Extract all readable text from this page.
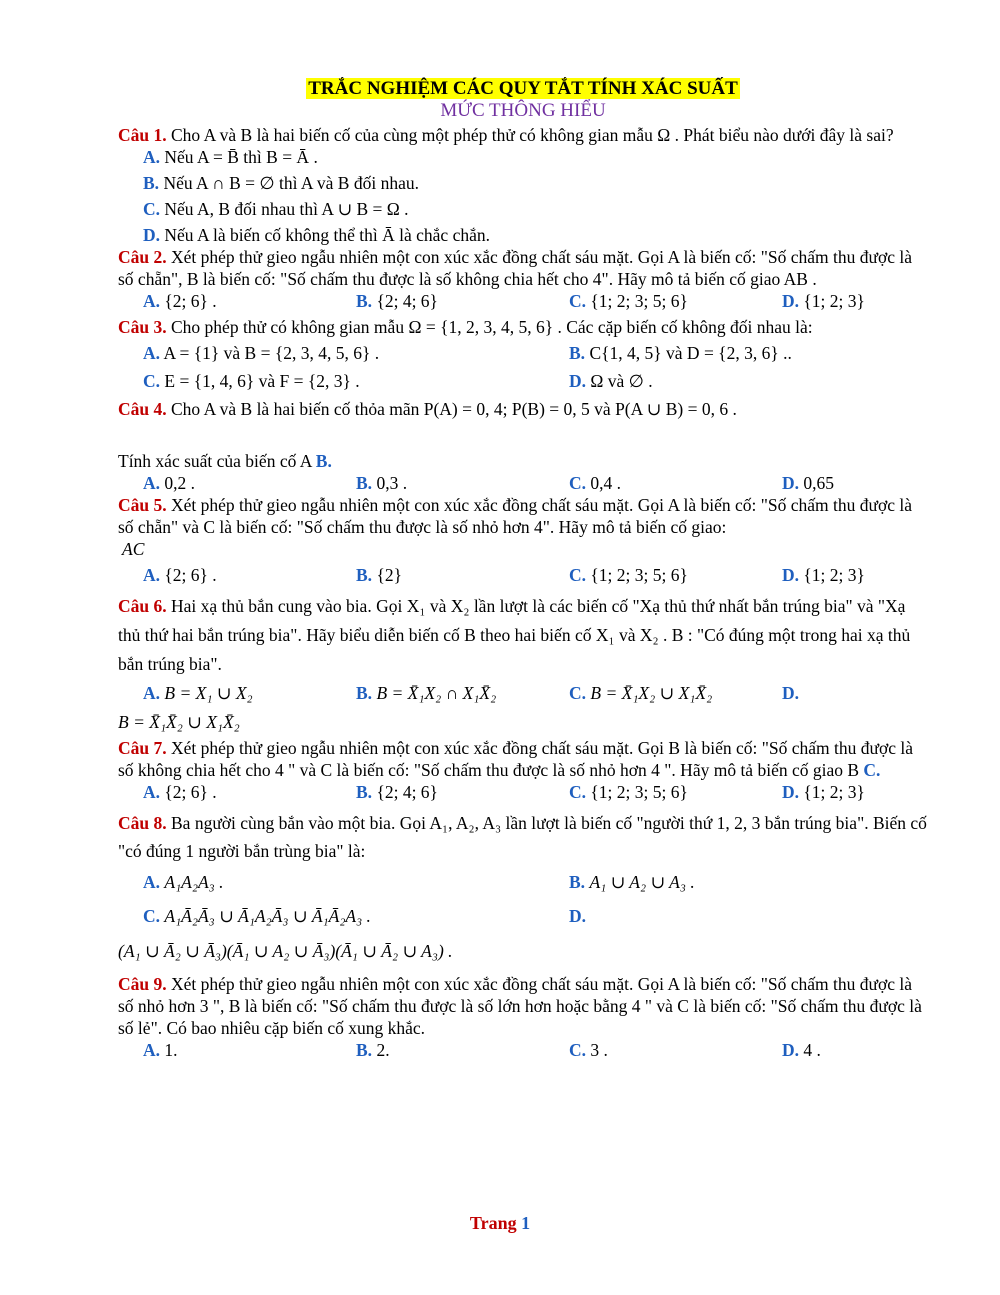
TRẮC NGHIỆM CÁC QUY TẮT TÍNH XÁC SUẤT

MỨC THÔNG HIỂU

Câu 1. Cho A và B là hai biến cố của cùng một phép thử có không gian mẫu Ω . Phát biểu nào dưới đây là sai?

A. Nếu A = B̄ thì B = Ā .

B. Nếu A ∩ B = ∅ thì A và B đối nhau.

C. Nếu A, B đối nhau thì A ∪ B = Ω .

D. Nếu A là biến cố không thể thì Ā là chắc chắn.

Câu 2. Xét phép thử gieo ngẫu nhiên một con xúc xắc đồng chất sáu mặt. Gọi A là biến cố: "Số chấm thu được là số chẵn", B là biến cố: "Số chấm thu được là số không chia hết cho 4". Hãy mô tả biến cố giao AB .

A. {2; 6} .	B. {2; 4; 6}	C. {1; 2; 3; 5; 6}	D. {1; 2; 3}

Câu 3. Cho phép thử có không gian mẫu Ω = {1, 2, 3, 4, 5, 6} . Các cặp biến cố không đối nhau là:

A. A = {1} và B = {2, 3, 4, 5, 6} .	B. C{1, 4, 5} và D = {2, 3, 6} ..
C. E = {1, 4, 6} và F = {2, 3} .	D. Ω và ∅ .

Câu 4. Cho A và B là hai biến cố thỏa mãn P(A) = 0, 4; P(B) = 0, 5 và P(A ∪ B) = 0, 6 .

Tính xác suất của biến cố A B.

A. 0,2 .	B. 0,3 .	C. 0,4 .	D. 0,65

Câu 5. Xét phép thử gieo ngẫu nhiên một con xúc xắc đồng chất sáu mặt. Gọi A là biến cố: "Số chấm thu được là số chẵn" và C là biến cố: "Số chấm thu được là số nhỏ hơn 4". Hãy mô tả biến cố giao:

AC

A. {2; 6} .	B. {2}	C. {1; 2; 3; 5; 6}	D. {1; 2; 3}

Câu 6. Hai xạ thủ bắn cung vào bia. Gọi X₁ và X₂ lần lượt là các biến cố "Xạ thủ thứ nhất bắn trúng bia" và "Xạ thủ thứ hai bắn trúng bia". Hãy biểu diễn biến cố B theo hai biến cố X₁ và X₂ . B : "Có đúng một trong hai xạ thủ bắn trúng bia".

A. B = X₁ ∪ X₂	B. B = X̄₁X₂ ∩ X₁X̄₂	C. B = X̄₁X₂ ∪ X₁X̄₂	D.

B = X̄₁X̄₂ ∪ X₁X̄₂

Câu 7. Xét phép thử gieo ngẫu nhiên một con xúc xắc đồng chất sáu mặt. Gọi B là biến cố: "Số chấm thu được là số không chia hết cho 4 " và C là biến cố: "Số chấm thu được là số nhỏ hơn 4 ". Hãy mô tả biến cố giao B C.

A. {2; 6} .	B. {2; 4; 6}	C. {1; 2; 3; 5; 6}	D. {1; 2; 3}

Câu 8. Ba người cùng bắn vào một bia. Gọi A₁, A₂, A₃ lần lượt là biến cố "người thứ 1, 2, 3 bắn trúng bia". Biến cố "có đúng 1 người bắn trùng bia" là:

A. A₁A₂A₃ .	B. A₁ ∪ A₂ ∪ A₃ .
C. A₁Ā₂Ā₃ ∪ Ā₁A₂Ā₃ ∪ Ā₁Ā₂A₃ .	D.

(A₁ ∪ Ā₂ ∪ Ā₃)(Ā₁ ∪ A₂ ∪ Ā₃)(Ā₁ ∪ Ā₂ ∪ A₃) .

Câu 9. Xét phép thử gieo ngẫu nhiên một con xúc xắc đồng chất sáu mặt. Gọi A là biến cố: "Số chấm thu được là số nhỏ hơn 3 ", B là biến cố: "Số chấm thu được là số lớn hơn hoặc bằng 4 " và C là biến cố: "Số chấm thu được là số lẻ". Có bao nhiêu cặp biến cố xung khắc.

A. 1.	B. 2.	C. 3 .	D. 4 .
Trang 1
